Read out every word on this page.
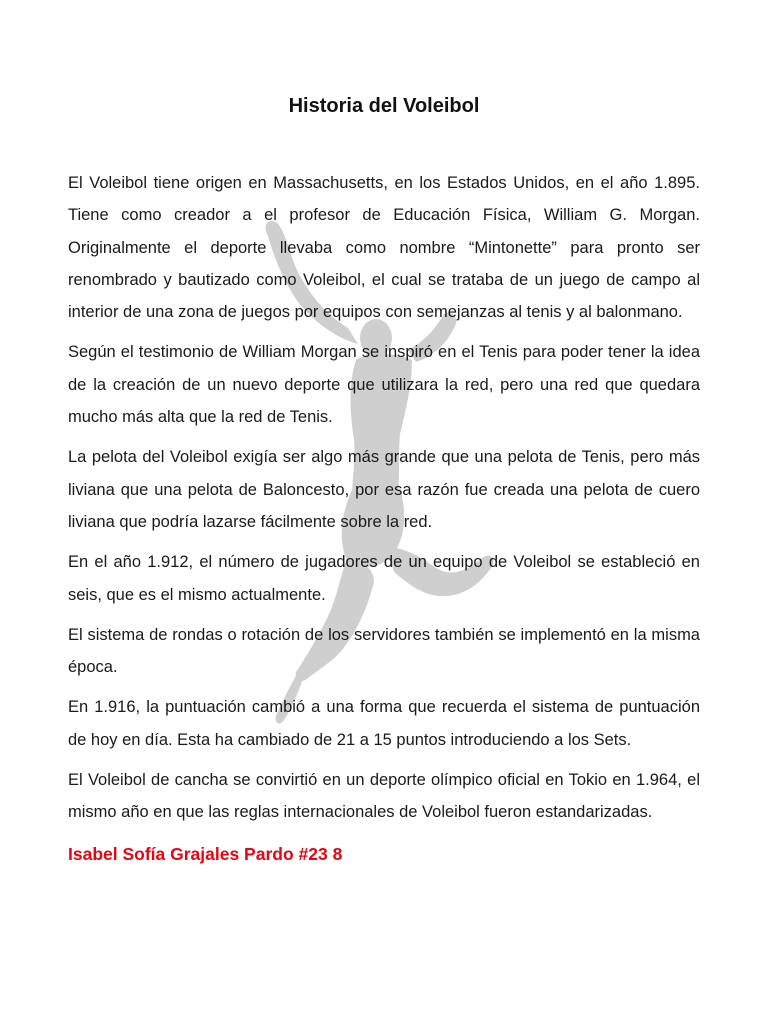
Historia del Voleibol

El Voleibol tiene origen en Massachusetts, en los Estados Unidos, en el año 1.895. Tiene como creador a el profesor de Educación Física, William G. Morgan. Originalmente el deporte llevaba como nombre “Mintonette” para pronto ser renombrado y bautizado como Voleibol, el cual se trataba de un juego de campo al interior de una zona de juegos por equipos con semejanzas al tenis y al balonmano.

Según el testimonio de William Morgan se inspiró en el Tenis para poder tener la idea de la creación de un nuevo deporte que utilizara la red, pero una red que quedara mucho más alta que la red de Tenis.

La pelota del Voleibol exigía ser algo más grande que una pelota de Tenis, pero más liviana que una pelota de Baloncesto, por esa razón fue creada una pelota de cuero liviana que podría lazarse fácilmente sobre la red.

En el año 1.912, el número de jugadores de un equipo de Voleibol se estableció en seis, que es el mismo actualmente.

El sistema de rondas o rotación de los servidores también se implementó en la misma época.

En 1.916, la puntuación cambió a una forma que recuerda el sistema de puntuación de hoy en día. Esta ha cambiado de 21 a 15 puntos introduciendo a los Sets.

El Voleibol de cancha se convirtió en un deporte olímpico oficial en Tokio en 1.964, el mismo año en que las reglas internacionales de Voleibol fueron estandarizadas.

Isabel Sofía Grajales Pardo #23 8
